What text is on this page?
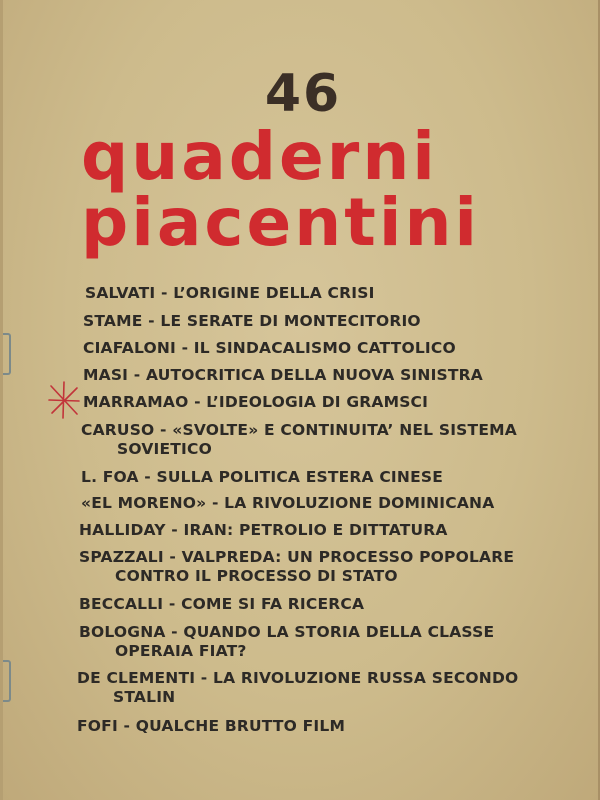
46
quaderni
piacentini
SALVATI - L’ORIGINE DELLA CRISI
STAME - LE SERATE DI MONTECITORIO
CIAFALONI - IL SINDACALISMO CATTOLICO
MASI - AUTOCRITICA DELLA NUOVA SINISTRA
MARRAMAO - L’IDEOLOGIA DI GRAMSCI
CARUSO - «SVOLTE» E CONTINUITA’ NEL SISTEMA
SOVIETICO
L. FOA - SULLA POLITICA ESTERA CINESE
«EL MORENO» - LA RIVOLUZIONE DOMINICANA
HALLIDAY - IRAN: PETROLIO E DITTATURA
SPAZZALI - VALPREDA: UN PROCESSO POPOLARE
CONTRO IL PROCESSO DI STATO
BECCALLI - COME SI FA RICERCA
BOLOGNA - QUANDO LA STORIA DELLA CLASSE
OPERAIA FIAT?
DE CLEMENTI - LA RIVOLUZIONE RUSSA SECONDO
STALIN
FOFI - QUALCHE BRUTTO FILM
